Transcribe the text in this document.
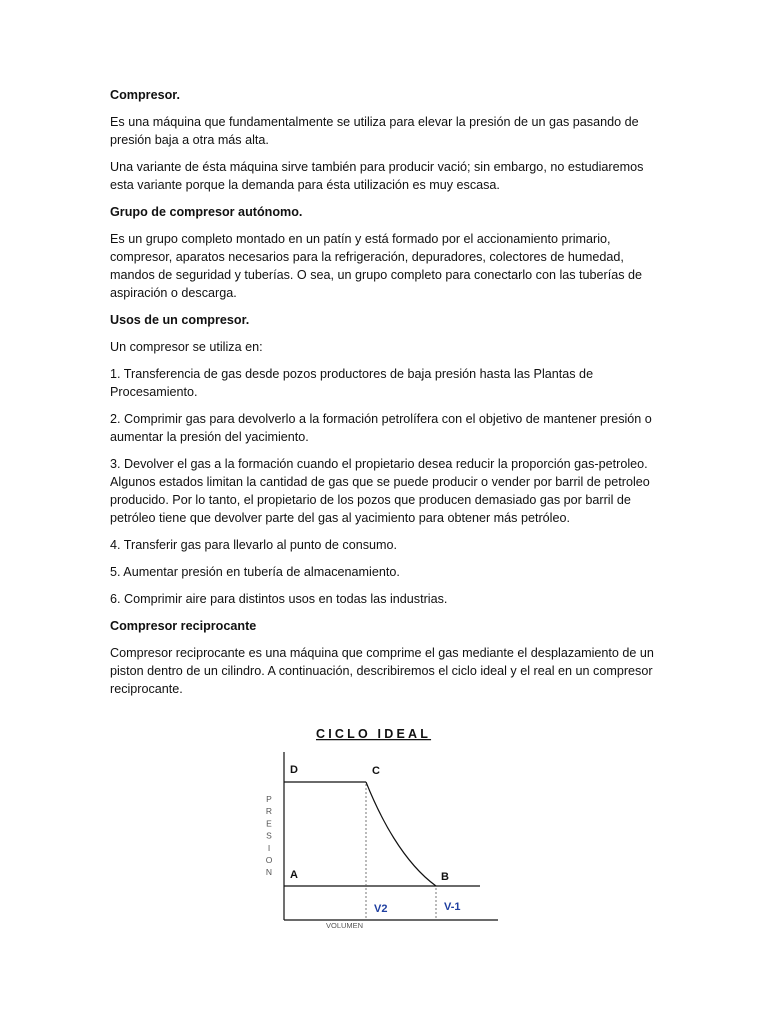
Compresor.

Es una máquina que fundamentalmente se utiliza para elevar la presión de un gas pasando de presión baja a otra más alta.

Una variante de ésta máquina sirve también para producir vació; sin embargo, no estudiaremos esta variante porque la demanda para ésta utilización es muy escasa.

Grupo de compresor autónomo.

Es un grupo completo montado en un patín y está formado por el accionamiento primario, compresor, aparatos necesarios para la refrigeración, depuradores, colectores de humedad, mandos de seguridad y tuberías. O sea, un grupo completo para conectarlo con las tuberías de aspiración o descarga.

Usos de un compresor.

Un compresor se utiliza en:

1. Transferencia de gas desde pozos productores de baja presión hasta las Plantas de Procesamiento.

2. Comprimir gas para devolverlo a la formación petrolífera con el objetivo de mantener presión o aumentar la presión del yacimiento.

3. Devolver el gas a la formación cuando el propietario desea reducir la proporción gas-petroleo. Algunos estados limitan la cantidad de gas que se puede producir o vender por barril de petroleo producido. Por lo tanto, el propietario de los pozos que producen demasiado gas por barril de petróleo tiene que devolver parte del gas al yacimiento para obtener más petróleo.

4. Transferir gas para llevarlo al punto de consumo.

5. Aumentar presión en tubería de almacenamiento.

6. Comprimir aire para distintos usos en todas las industrias.

Compresor reciprocante

Compresor reciprocante es una máquina que comprime el gas mediante el desplazamiento de un piston dentro de un cilindro. A continuación, describiremos el ciclo ideal y el real en un compresor reciprocante.

CICLO IDEAL
P
R
E
S
I
O
N
VOLUMEN
D	C
A	B
V2	V-1
